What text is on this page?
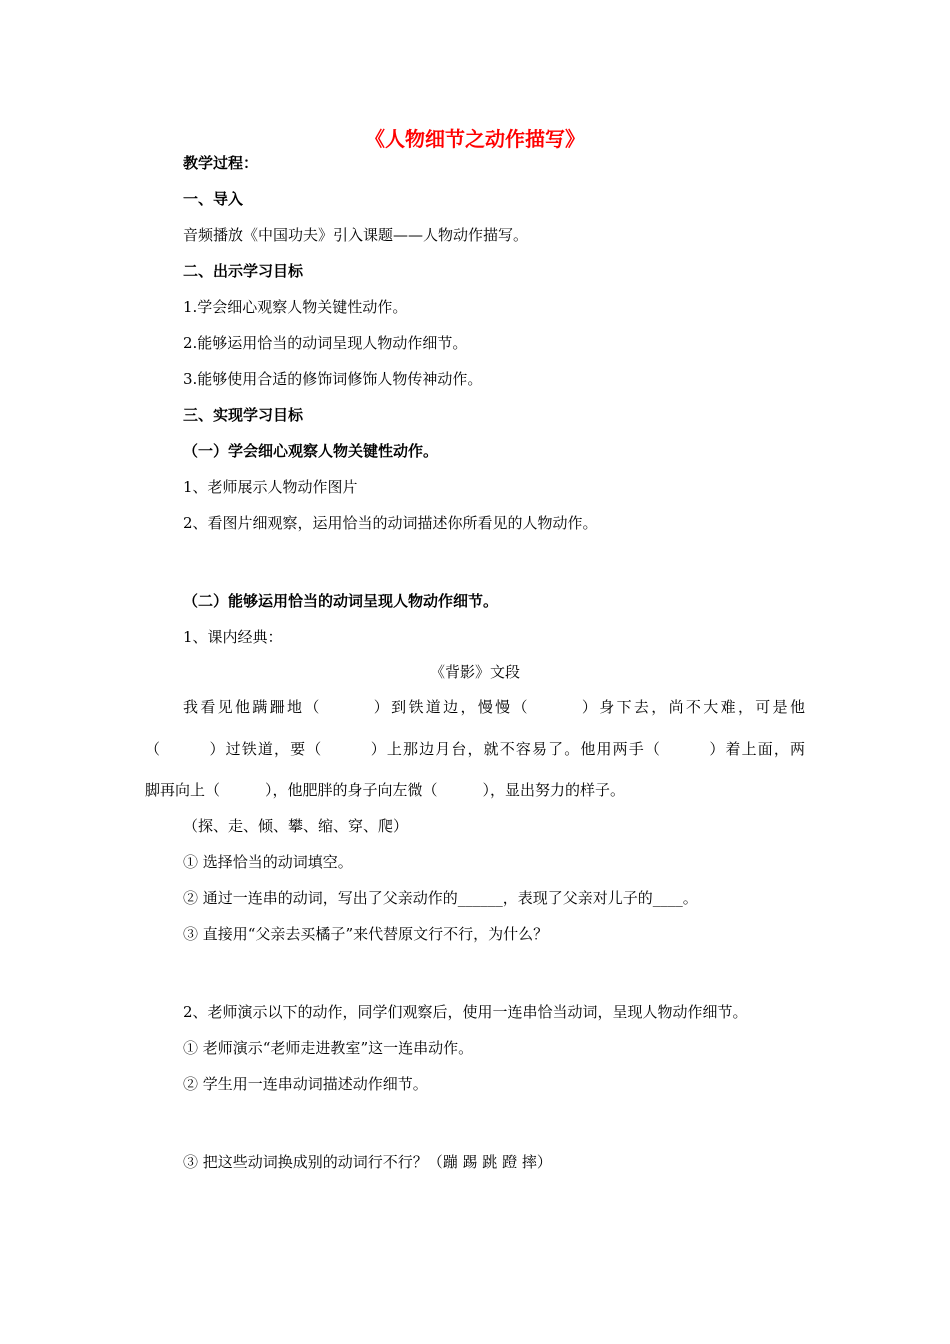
《人物细节之动作描写》
教学过程：
一、导入
音频播放《中国功夫》引入课题——人物动作描写。
二、出示学习目标
1.学会细心观察人物关键性动作。
2.能够运用恰当的动词呈现人物动作细节。
3.能够使用合适的修饰词修饰人物传神动作。
三、实现学习目标
（一）学会细心观察人物关键性动作。
1、老师展示人物动作图片
2、看图片细观察，运用恰当的动词描述你所看见的人物动作。
（二）能够运用恰当的动词呈现人物动作细节。
1、课内经典：
《背影》文段
我看见他蹒跚地（　　　）到铁道边，慢慢（　　　）身下去，尚不大难，可是他
（　　　）过铁道，要（　　　）上那边月台，就不容易了。他用两手（　　　）着上面，两
脚再向上（　　　），他肥胖的身子向左微（　　　），显出努力的样子。
（探、走、倾、攀、缩、穿、爬）
① 选择恰当的动词填空。
② 通过一连串的动词，写出了父亲动作的______，表现了父亲对儿子的____。
③ 直接用“父亲去买橘子”来代替原文行不行，为什么？
2、老师演示以下的动作，同学们观察后，使用一连串恰当动词，呈现人物动作细节。
① 老师演示“老师走进教室”这一连串动作。
② 学生用一连串动词描述动作细节。
③ 把这些动词换成别的动词行不行？（蹦 踢 跳 蹬 摔）
